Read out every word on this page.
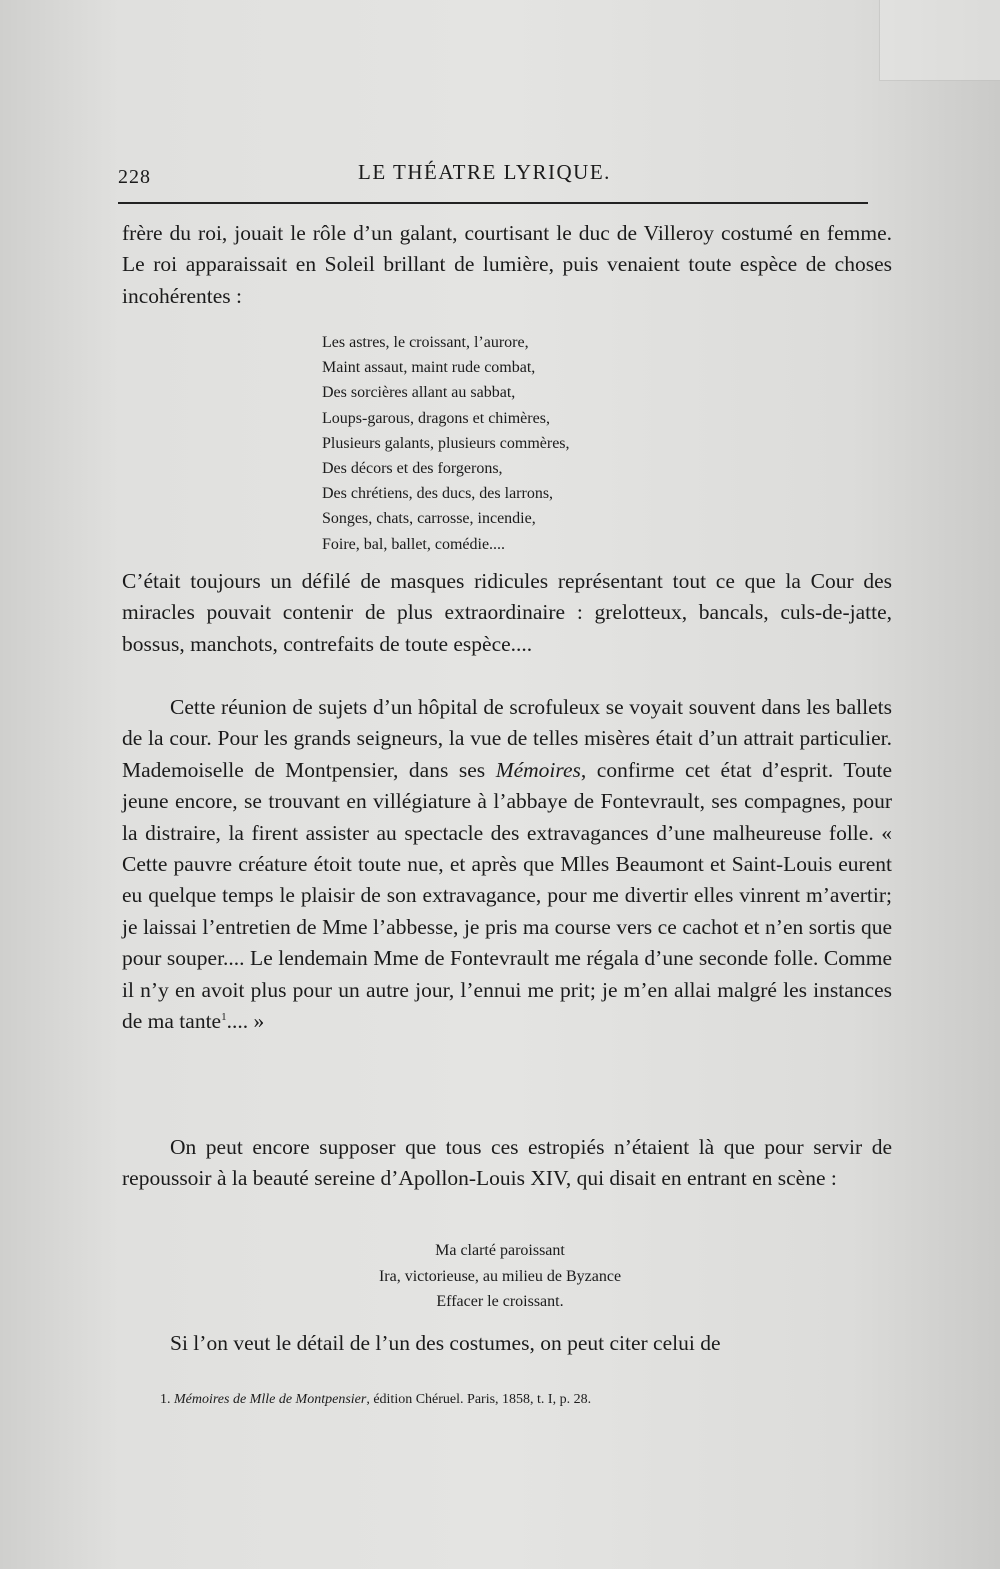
228	LE THÉATRE LYRIQUE.

frère du roi, jouait le rôle d’un galant, courtisant le duc de Villeroy costumé en femme. Le roi apparaissait en Soleil brillant de lumière, puis venaient toute espèce de choses incohérentes :

Les astres, le croissant, l’aurore,
Maint assaut, maint rude combat,
Des sorcières allant au sabbat,
Loups-garous, dragons et chimères,
Plusieurs galants, plusieurs commères,
Des décors et des forgerons,
Des chrétiens, des ducs, des larrons,
Songes, chats, carrosse, incendie,
Foire, bal, ballet, comédie....

C’était toujours un défilé de masques ridicules représentant tout ce que la Cour des miracles pouvait contenir de plus extraordinaire : grelotteux, bancals, culs-de-jatte, bossus, manchots, contrefaits de toute espèce....

Cette réunion de sujets d’un hôpital de scrofuleux se voyait souvent dans les ballets de la cour. Pour les grands seigneurs, la vue de telles misères était d’un attrait particulier. Mademoiselle de Montpensier, dans ses Mémoires, confirme cet état d’esprit. Toute jeune encore, se trouvant en villégiature à l’abbaye de Fontevrault, ses compagnes, pour la distraire, la firent assister au spectacle des extravagances d’une malheureuse folle. « Cette pauvre créature étoit toute nue, et après que Mlles Beaumont et Saint-Louis eurent eu quelque temps le plaisir de son extravagance, pour me divertir elles vinrent m’avertir; je laissai l’entretien de Mme l’abbesse, je pris ma course vers ce cachot et n’en sortis que pour souper.... Le lendemain Mme de Fontevrault me régala d’une seconde folle. Comme il n’y en avoit plus pour un autre jour, l’ennui me prit; je m’en allai malgré les instances de ma tante$^1$.... »

On peut encore supposer que tous ces estropiés n’étaient là que pour servir de repoussoir à la beauté sereine d’Apollon-Louis XIV, qui disait en entrant en scène :

Ma clarté paroissant
Ira, victorieuse, au milieu de Byzance
Effacer le croissant.

Si l’on veut le détail de l’un des costumes, on peut citer celui de

1. Mémoires de Mlle de Montpensier, édition Chéruel. Paris, 1858, t. I, p. 28.
